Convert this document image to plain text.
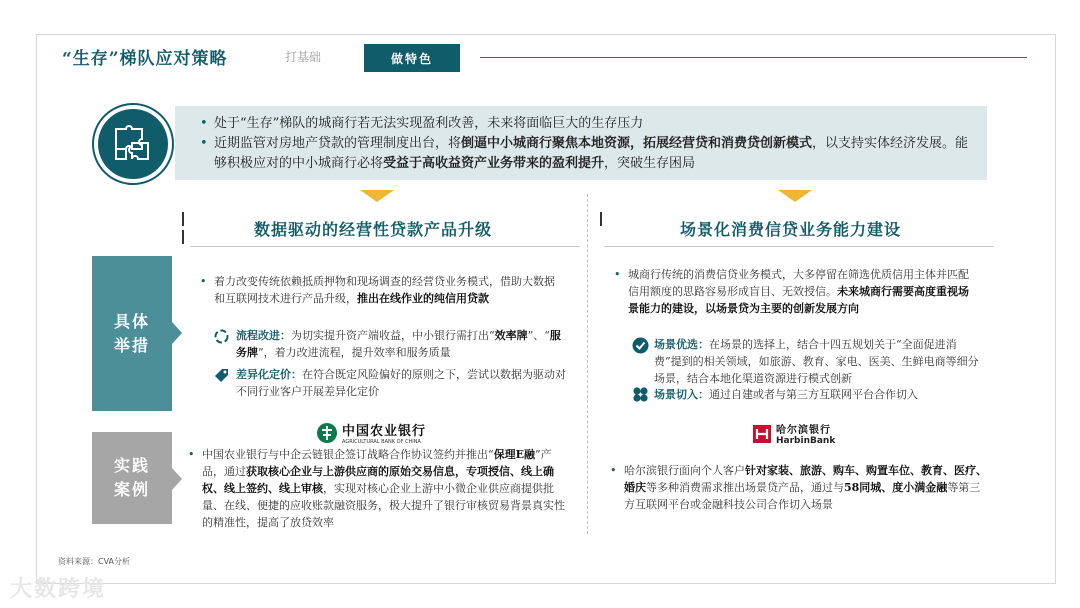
“生存”梯队应对策略	打基础	做特色

• 处于“生存”梯队的城商行若无法实现盈利改善，未来将面临巨大的生存压力

• 近期监管对房地产贷款的管理制度出台，将倒逼中小城商行聚焦本地资源，拓展经营贷和消费贷创新模式，以支持实体经济发展。能够积极应对的中小城商行必将受益于高收益资产业务带来的盈利提升，突破生存困局

数据驱动的经营性贷款产品升级	场景化消费信贷业务能力建设
具体举措
实践案例
• 着力改变传统依赖抵质押物和现场调查的经营贷业务模式，借助大数据和互联网技术进行产品升级，推出在线作业的纯信用贷款
流程改进：为切实提升资产端收益，中小银行需打出“效率牌”、“服务牌”，着力改进流程，提升效率和服务质量
差异化定价：在符合既定风险偏好的原则之下，尝试以数据为驱动对不同行业客户开展差异化定价
中国农业银行
AGRICULTURAL BANK OF CHINA
• 中国农业银行与中企云链银企签订战略合作协议签约并推出“保理E融”产品，通过获取核心企业与上游供应商的原始交易信息，专项授信、线上确权、线上签约、线上审核，实现对核心企业上游中小微企业供应商提供批量、在线、便捷的应收账款融资服务，极大提升了银行审核贸易背景真实性的精准性，提高了放贷效率
• 城商行传统的消费信贷业务模式，大多停留在筛选优质信用主体并匹配信用额度的思路容易形成盲目、无效授信。未来城商行需要高度重视场景能力的建设，以场景贷为主要的创新发展方向
场景优选：在场景的选择上，结合十四五规划关于“全面促进消费”提到的相关领域，如旅游、教育、家电、医美、生鲜电商等细分场景，结合本地化渠道资源进行模式创新
场景切入：通过自建或者与第三方互联网平台合作切入
哈尔滨银行
HarbinBank
• 哈尔滨银行面向个人客户针对家装、旅游、购车、购置车位、教育、医疗、婚庆等多种消费需求推出场景贷产品，通过与58同城、度小满金融等第三方互联网平台或金融科技公司合作切入场景
资料来源：CVA分析
大数跨境
